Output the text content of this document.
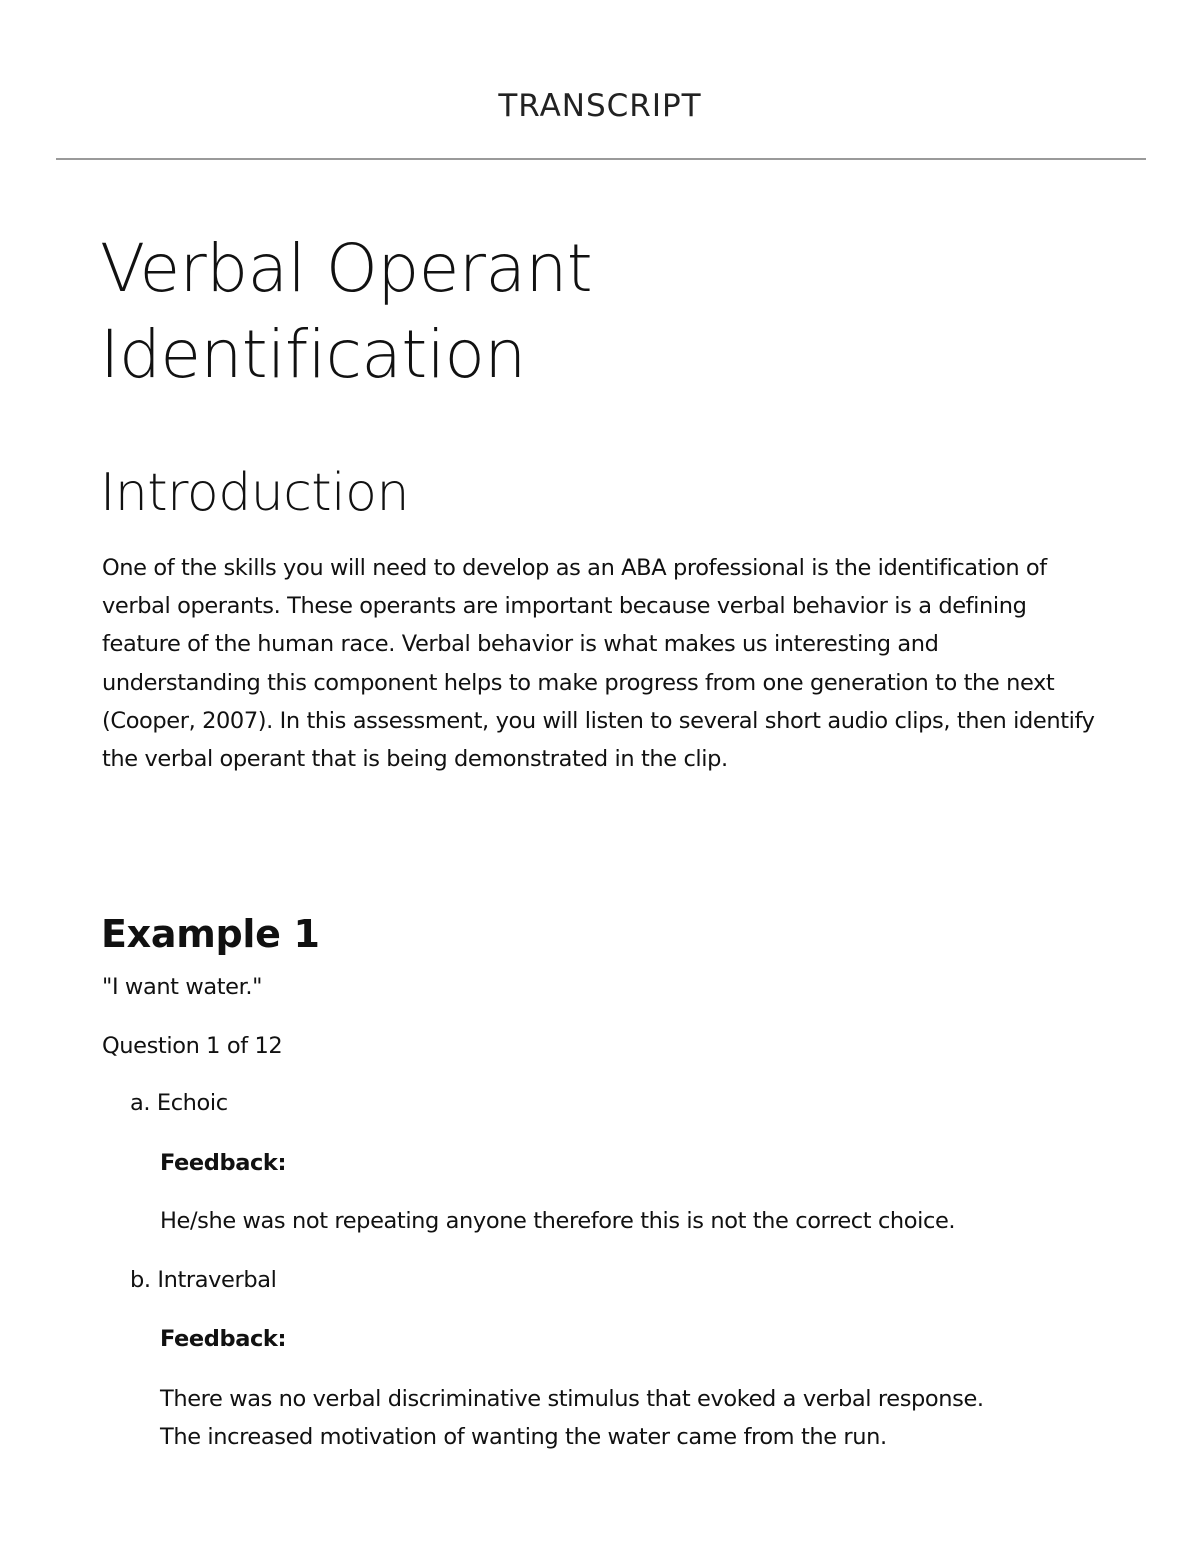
TRANSCRIPT
Verbal Operant
Identification
Introduction

One of the skills you will need to develop as an ABA professional is the identification of verbal operants. These operants are important because verbal behavior is a defining feature of the human race. Verbal behavior is what makes us interesting and understanding this component helps to make progress from one generation to the next (Cooper, 2007). In this assessment, you will listen to several short audio clips, then identify the verbal operant that is being demonstrated in the clip.

Example 1

"I want water."

Question 1 of 12

a. Echoic

Feedback:

He/she was not repeating anyone therefore this is not the correct choice.

b. Intraverbal

Feedback:

There was no verbal discriminative stimulus that evoked a verbal response.
The increased motivation of wanting the water came from the run.
